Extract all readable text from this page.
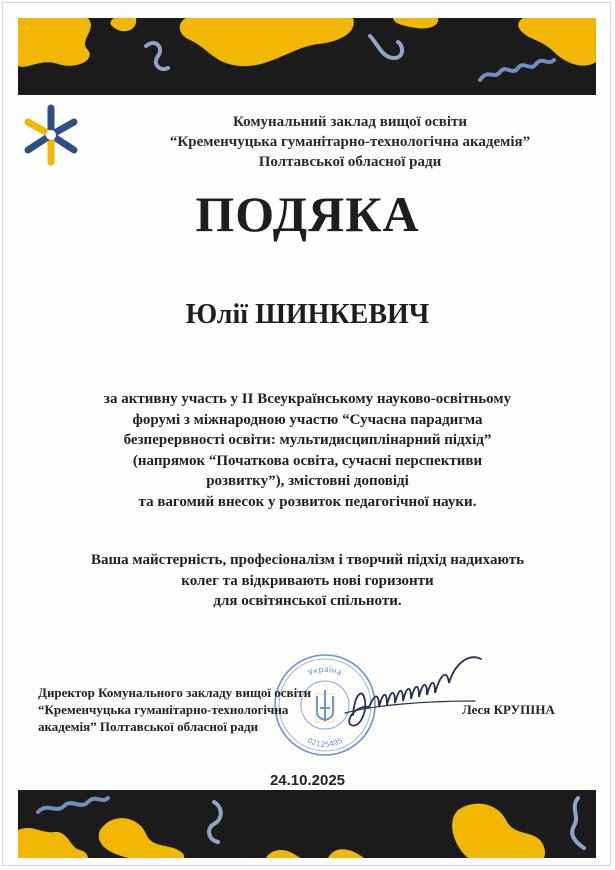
Комунальний заклад вищої освіти
“Кременчуцька гуманітарно-технологічна академія”
Полтавської обласної ради
ПОДЯКА
Юлії ШИНКЕВИЧ
за активну участь у ІІ Всеукраїнському науково-освітньому
форумі з міжнародною участю “Сучасна парадигма
безперервності освіти: мультидисциплінарний підхід”
(напрямок “Початкова освіта, сучасні перспективи
розвитку”), змістовні доповіді
та вагомий внесок у розвиток педагогічної науки.
Ваша майстерність, професіоналізм і творчий підхід надихають
колег та відкривають нові горизонти
для освітянської спільноти.
Україна
02125495
Директор Комунального закладу вищої освіти
“Кременчуцька гуманітарно-технологічна
академія” Полтавської обласної ради
Леся КРУПІНА
24.10.2025
